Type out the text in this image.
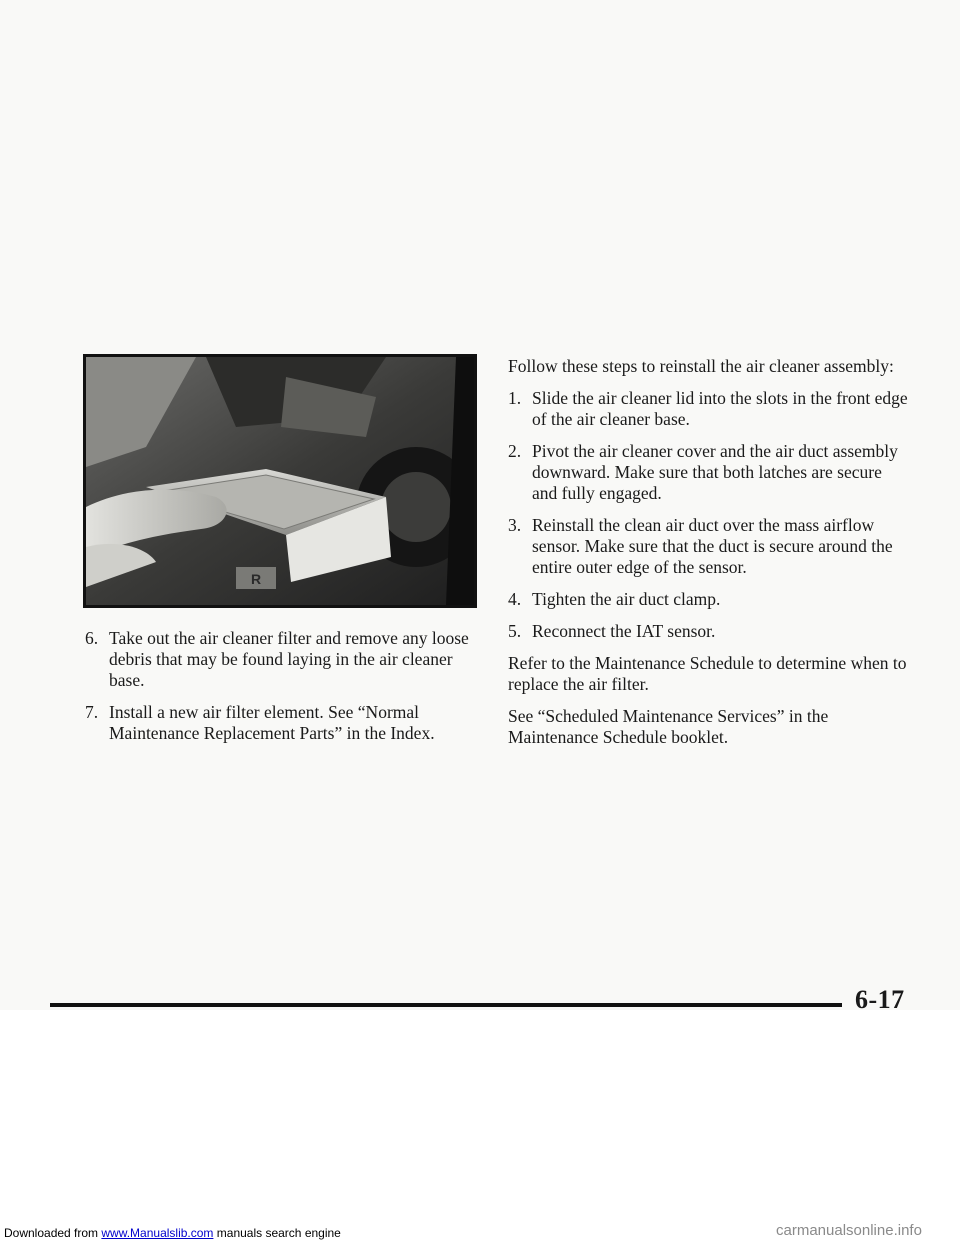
R
6. Take out the air cleaner filter and remove any loose debris that may be found laying in the air cleaner base.
7. Install a new air filter element. See “Normal Maintenance Replacement Parts” in the Index.

Follow these steps to reinstall the air cleaner assembly:

1. Slide the air cleaner lid into the slots in the front edge of the air cleaner base.
2. Pivot the air cleaner cover and the air duct assembly downward. Make sure that both latches are secure and fully engaged.
3. Reinstall the clean air duct over the mass airflow sensor. Make sure that the duct is secure around the entire outer edge of the sensor.
4. Tighten the air duct clamp.
5. Reconnect the IAT sensor.

Refer to the Maintenance Schedule to determine when to replace the air filter.

See “Scheduled Maintenance Services” in the Maintenance Schedule booklet.

6-17
Downloaded from www.Manualslib.com manuals search engine	carmanualsonline.info
